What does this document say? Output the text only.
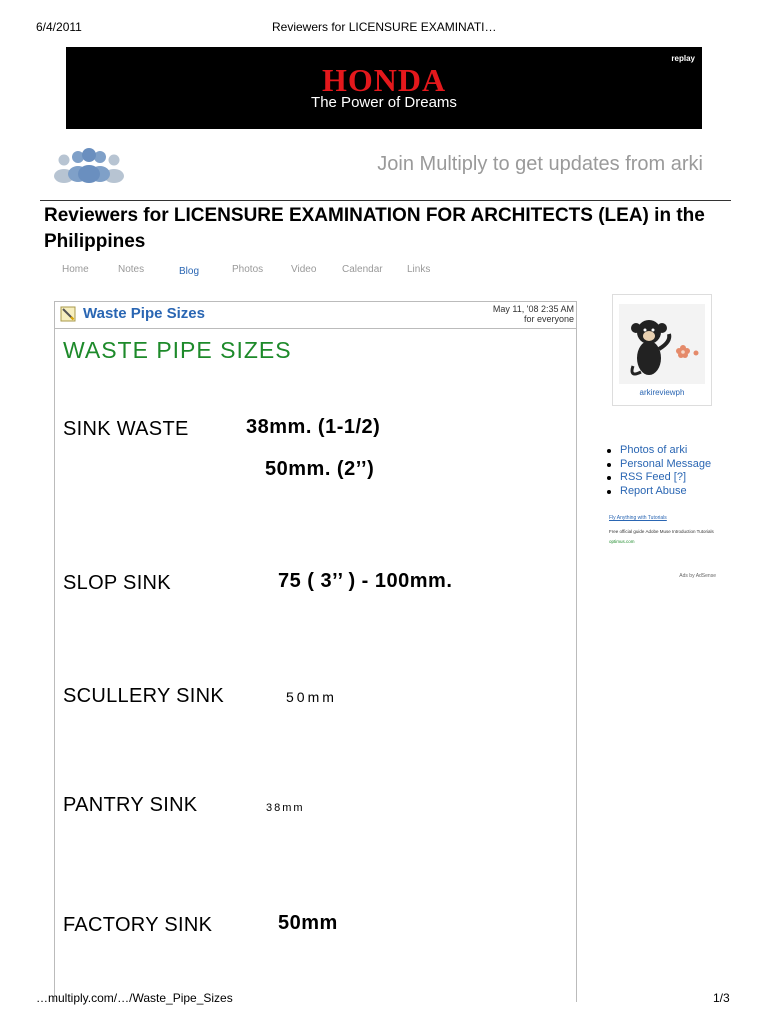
6/4/2011	Reviewers for LICENSURE EXAMINATI…
replay
HONDA
The Power of Dreams
Join Multiply to get updates from arki
Reviewers for LICENSURE EXAMINATION FOR ARCHITECTS (LEA) in the Philippines
Home	Notes	Blog	Photos	Video	Calendar Links
Waste Pipe Sizes	May 11, '08 2:35 AM
for everyone
WASTE PIPE SIZES
SINK WASTE	38mm. (1-1/2)
50mm. (2’’)
SLOP SINK	75 ( 3’’ ) - 100mm.
SCULLERY SINK	50mm
PANTRY SINK	38mm
FACTORY SINK	50mm
arkireviewph
Photos of arki
Personal Message
RSS Feed [?]
Report Abuse
Fly Anything with Tutorials
Free official guide Adobe Muse Introduction Tutorials
optimus.com
Ads by AdSense
…multiply.com/…/Waste_Pipe_Sizes	1/3
